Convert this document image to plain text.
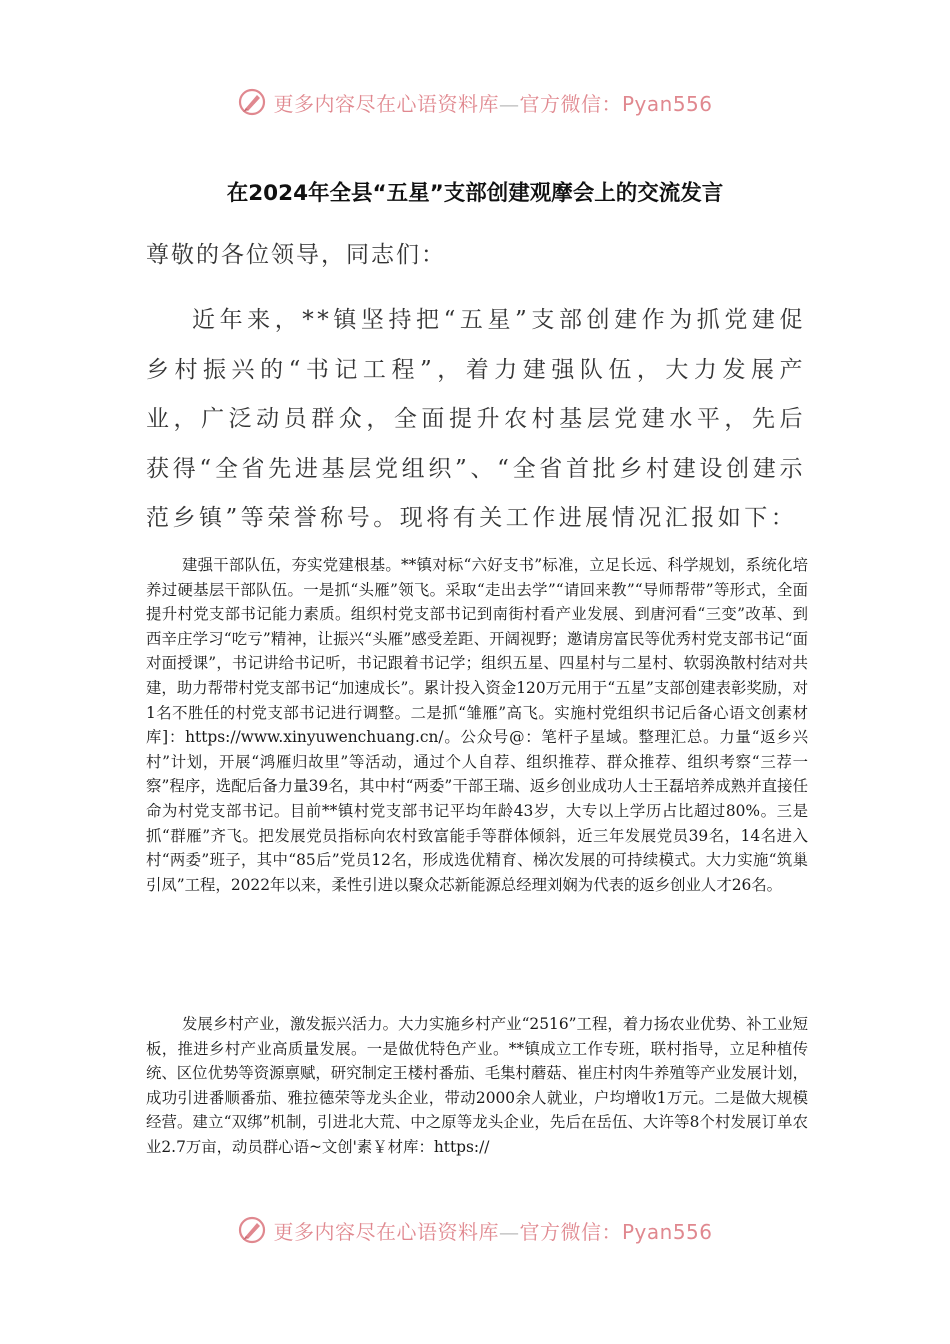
更多内容尽在心语资料库—官方微信：Pyan556
在2024年全县“五星”支部创建观摩会上的交流发言
尊敬的各位领导，同志们：

近年来，**镇坚持把“五星”支部创建作为抓党建促乡村振兴的“书记工程”，着力建强队伍，大力发展产业，广泛动员群众，全面提升农村基层党建水平，先后获得“全省先进基层党组织”、“全省首批乡村建设创建示范乡镇”等荣誉称号。现将有关工作进展情况汇报如下：

建强干部队伍，夯实党建根基。**镇对标“六好支书”标准，立足长远、科学规划，系统化培养过硬基层干部队伍。一是抓“头雁”领飞。采取“走出去学”“请回来教”“导师帮带”等形式，全面提升村党支部书记能力素质。组织村党支部书记到南街村看产业发展、到唐河看“三变”改革、到西辛庄学习“吃亏”精神，让振兴“头雁”感受差距、开阔视野；邀请房富民等优秀村党支部书记“面对面授课”，书记讲给书记听，书记跟着书记学；组织五星、四星村与二星村、软弱涣散村结对共建，助力帮带村党支部书记“加速成长”。累计投入资金120万元用于“五星”支部创建表彰奖励，对1名不胜任的村党支部书记进行调整。二是抓“雏雁”高飞。实施村党组织书记后备心语文创素材库]：https://www.xinyuwenchuang.cn/。公众号@：笔杆子星域。整理汇总。力量“返乡兴村”计划，开展“鸿雁归故里”等活动，通过个人自荐、组织推荐、群众推荐、组织考察“三荐一察”程序，选配后备力量39名，其中村“两委”干部王瑞、返乡创业成功人士王磊培养成熟并直接任命为村党支部书记。目前**镇村党支部书记平均年龄43岁，大专以上学历占比超过80%。三是抓“群雁”齐飞。把发展党员指标向农村致富能手等群体倾斜，近三年发展党员39名，14名进入村“两委”班子，其中“85后”党员12名，形成选优精育、梯次发展的可持续模式。大力实施“筑巢引凤”工程，2022年以来，柔性引进以聚众芯新能源总经理刘娴为代表的返乡创业人才26名。

发展乡村产业，激发振兴活力。大力实施乡村产业“2516”工程，着力扬农业优势、补工业短板，推进乡村产业高质量发展。一是做优特色产业。**镇成立工作专班，联村指导，立足种植传统、区位优势等资源禀赋，研究制定王楼村番茄、毛集村蘑菇、崔庄村肉牛养殖等产业发展计划，成功引进番顺番茄、雅拉德荣等龙头企业，带动2000余人就业，户均增收1万元。二是做大规模经营。建立“双绑”机制，引进北大荒、中之原等龙头企业，先后在岳伍、大许等8个村发展订单农业2.7万亩，动员群心语~文创'素￥材库：https://

更多内容尽在心语资料库—官方微信：Pyan556
